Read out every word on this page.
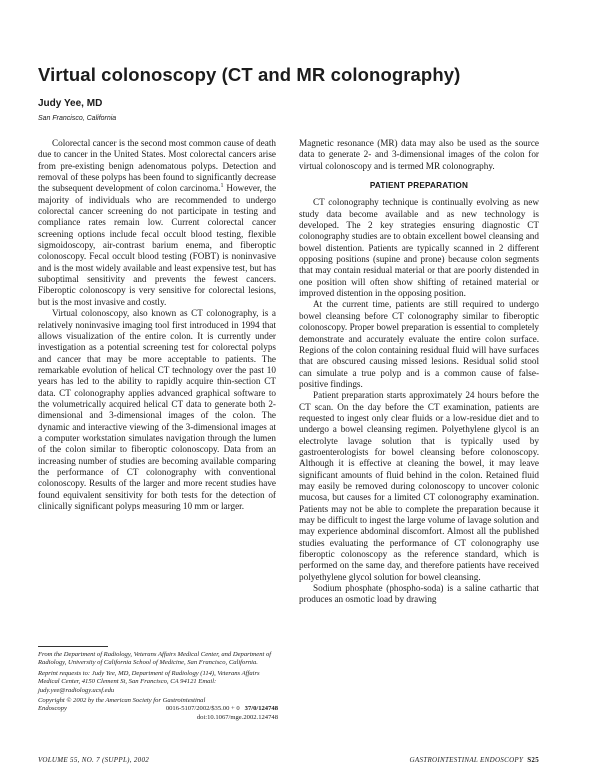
Virtual colonoscopy (CT and MR colonography)
Judy Yee, MD
San Francisco, California

Colorectal cancer is the second most common cause of death due to cancer in the United States. Most colorectal cancers arise from pre-existing benign adenomatous polyps. Detection and removal of these polyps has been found to significantly decrease the subsequent development of colon carcinoma.$^1$ However, the majority of individuals who are recommended to undergo colorectal cancer screening do not participate in testing and compliance rates remain low. Current colorectal cancer screening options include fecal occult blood testing, flexible sigmoidoscopy, air-contrast barium enema, and fiberoptic colonoscopy. Fecal occult blood testing (FOBT) is noninvasive and is the most widely available and least expensive test, but has suboptimal sensitivity and prevents the fewest cancers. Fiberoptic colonoscopy is very sensitive for colorectal lesions, but is the most invasive and costly.

Virtual colonoscopy, also known as CT colonography, is a relatively noninvasive imaging tool first introduced in 1994 that allows visualization of the entire colon. It is currently under investigation as a potential screening test for colorectal polyps and cancer that may be more acceptable to patients. The remarkable evolution of helical CT technology over the past 10 years has led to the ability to rapidly acquire thin-section CT data. CT colonography applies advanced graphical software to the volumetrically acquired helical CT data to generate both 2-dimensional and 3-dimensional images of the colon. The dynamic and interactive viewing of the 3-dimensional images at a computer workstation simulates navigation through the lumen of the colon similar to fiberoptic colonoscopy. Data from an increasing number of studies are becoming available comparing the performance of CT colonography with conventional colonoscopy. Results of the larger and more recent studies have found equivalent sensitivity for both tests for the detection of clinically significant polyps measuring 10 mm or larger.

Magnetic resonance (MR) data may also be used as the source data to generate 2- and 3-dimensional images of the colon for virtual colonoscopy and is termed MR colonography.

PATIENT PREPARATION

CT colonography technique is continually evolving as new study data become available and as new technology is developed. The 2 key strategies ensuring diagnostic CT colonography studies are to obtain excellent bowel cleansing and bowel distention. Patients are typically scanned in 2 different opposing positions (supine and prone) because colon segments that may contain residual material or that are poorly distended in one position will often show shifting of retained material or improved distention in the opposing position.

At the current time, patients are still required to undergo bowel cleansing before CT colonography similar to fiberoptic colonoscopy. Proper bowel preparation is essential to completely demonstrate and accurately evaluate the entire colon surface. Regions of the colon containing residual fluid will have surfaces that are obscured causing missed lesions. Residual solid stool can simulate a true polyp and is a common cause of false-positive findings.

Patient preparation starts approximately 24 hours before the CT scan. On the day before the CT examination, patients are requested to ingest only clear fluids or a low-residue diet and to undergo a bowel cleansing regimen. Polyethylene glycol is an electrolyte lavage solution that is typically used by gastroenterologists for bowel cleansing before colonoscopy. Although it is effective at cleaning the bowel, it may leave significant amounts of fluid behind in the colon. Retained fluid may easily be removed during colonoscopy to uncover colonic mucosa, but causes for a limited CT colonography examination. Patients may not be able to complete the preparation because it may be difficult to ingest the large volume of lavage solution and may experience abdominal discomfort. Almost all the published studies evaluating the performance of CT colonography use fiberoptic colonoscopy as the reference standard, which is performed on the same day, and therefore patients have received polyethylene glycol solution for bowel cleansing.

Sodium phosphate (phospho-soda) is a saline cathartic that produces an osmotic load by drawing

From the Department of Radiology, Veterans Affairs Medical Center, and Department of Radiology, University of California School of Medicine, San Francisco, California.

Reprint requests to: Judy Yee, MD, Department of Radiology (114), Veterans Affairs Medical Center, 4150 Clement St, San Francisco, CA 94121 Email: judy.yee@radiology.ucsf.edu

Copyright © 2002 by the American Society for Gastrointestinal
Endoscopy	0016-5107/2002/$35.00 + 0 37/0/124748
doi:10.1067/mge.2002.124748
VOLUME 55, NO. 7 (SUPPL), 2002	GASTROINTESTINAL ENDOSCOPY S25
